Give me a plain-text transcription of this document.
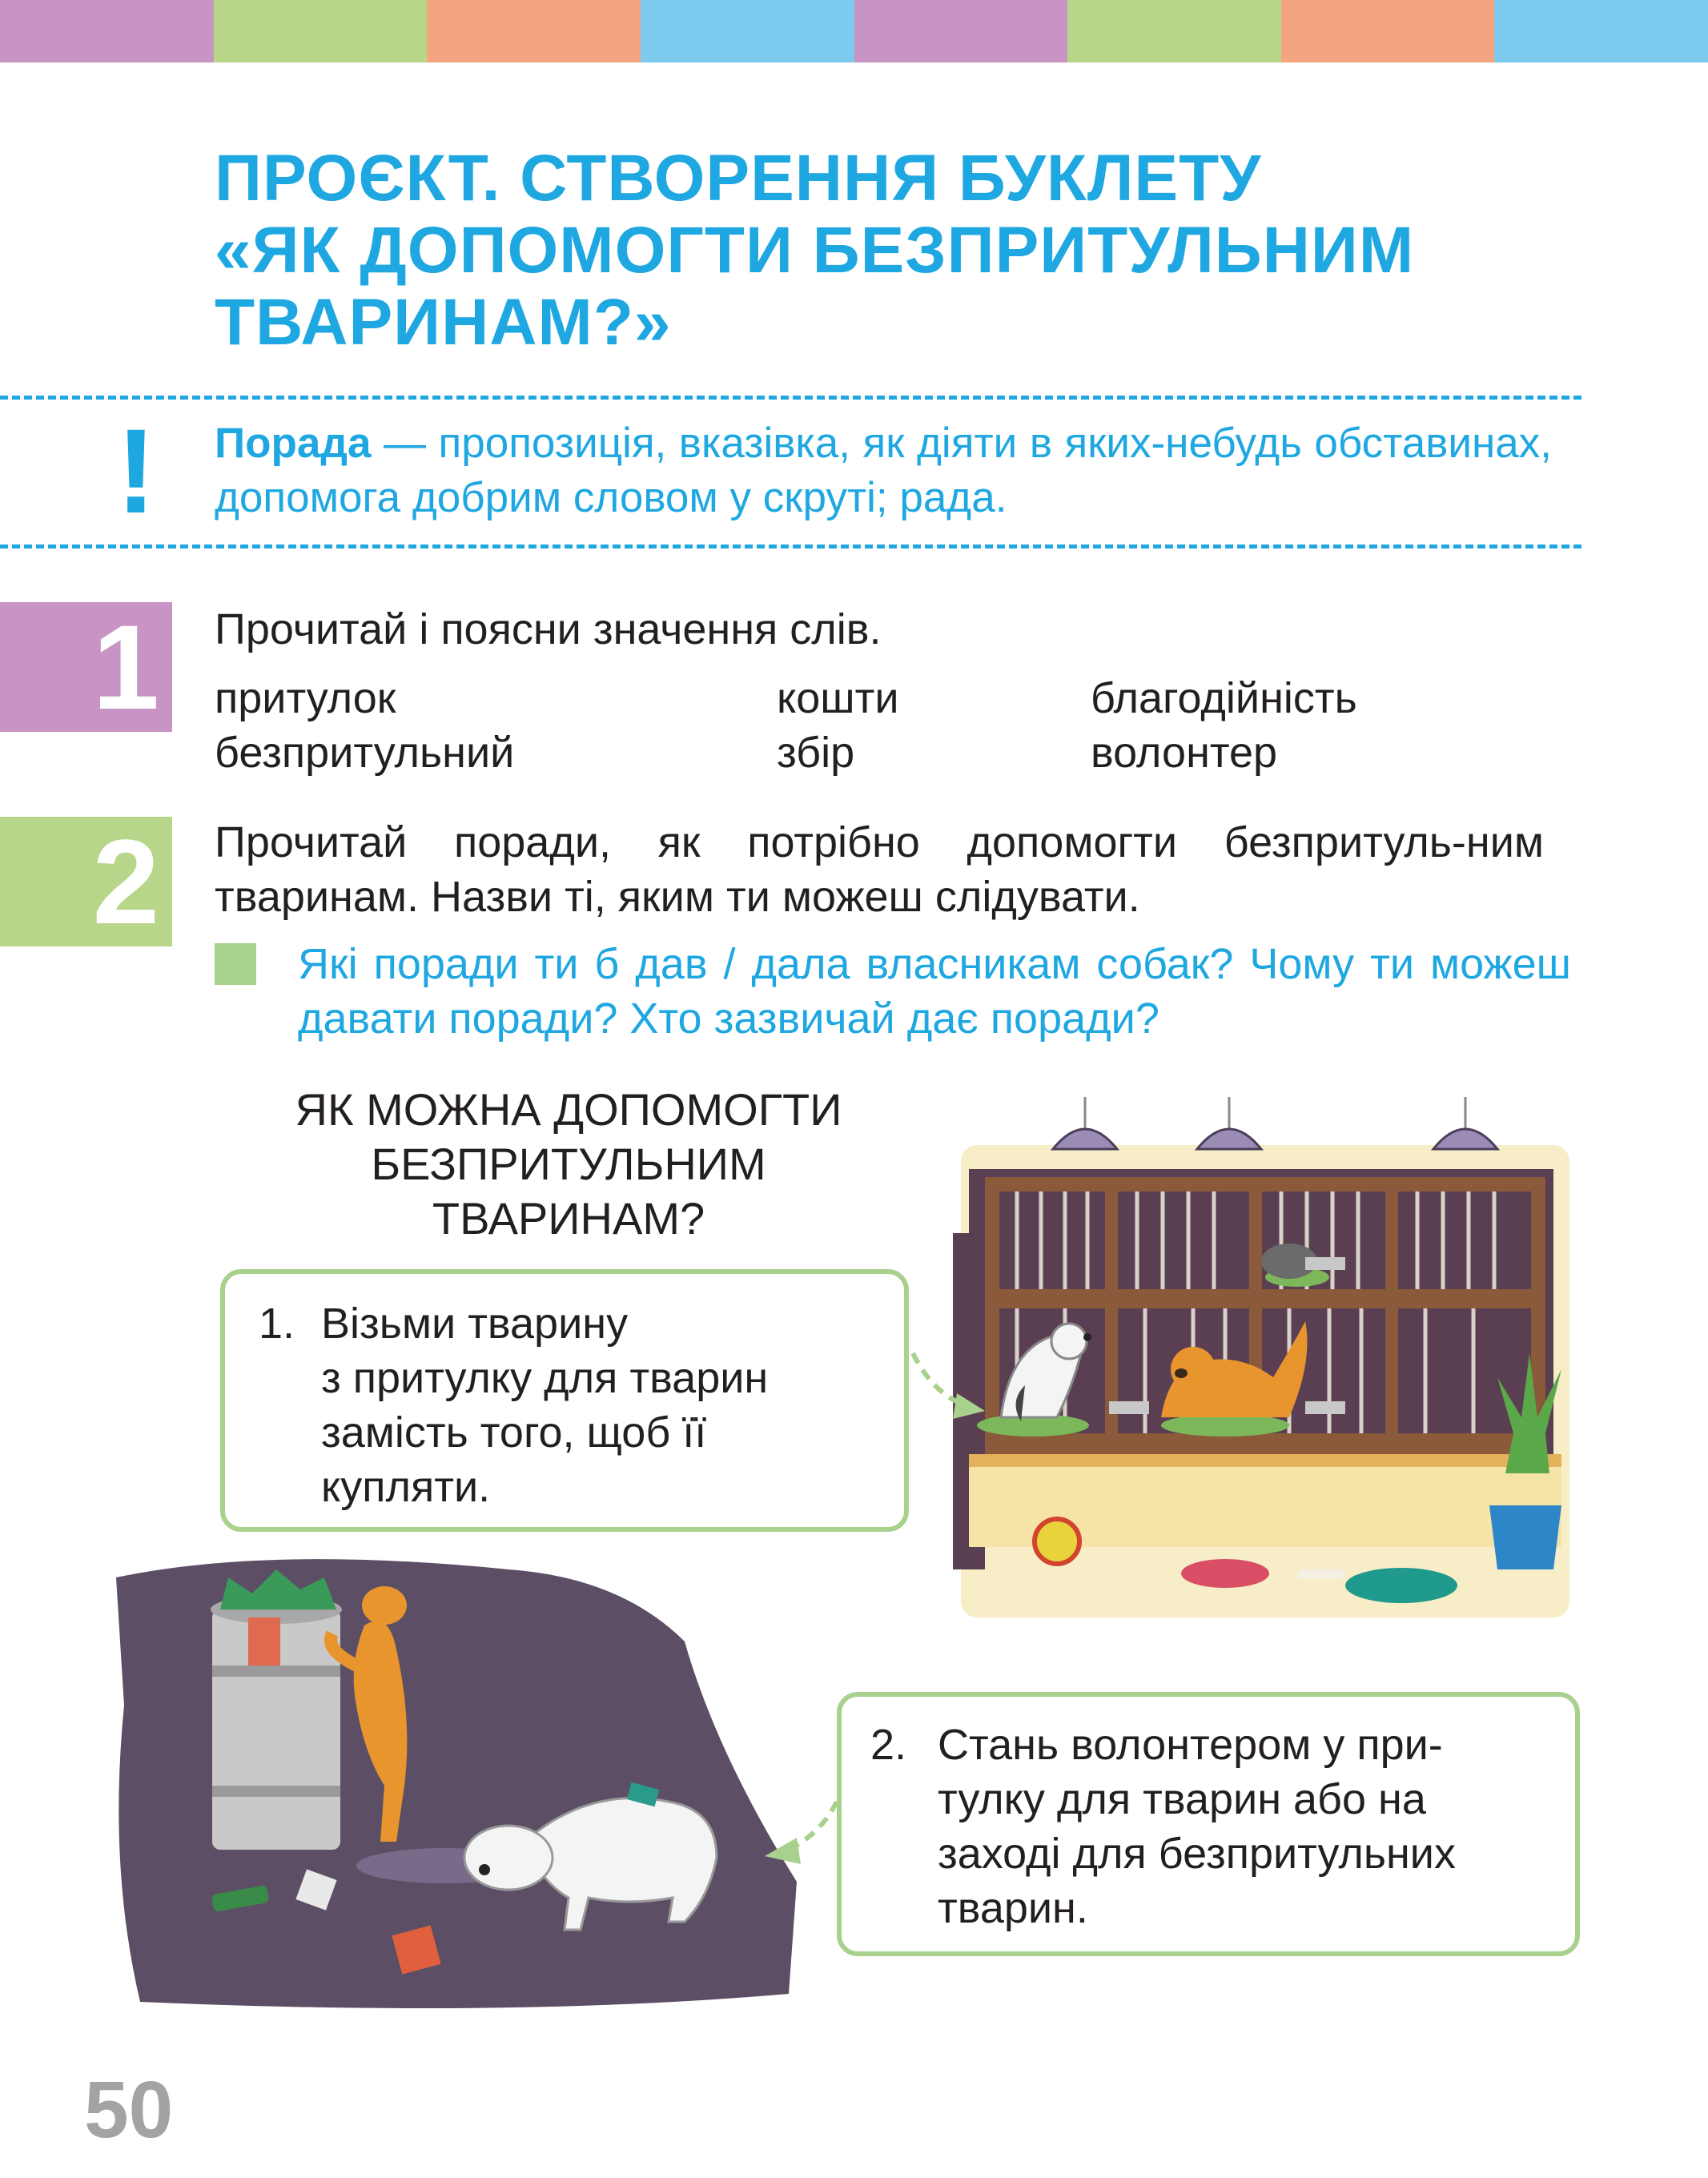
ПРОЄКТ. СТВОРЕННЯ БУКЛЕТУ
«ЯК ДОПОМОГТИ БЕЗПРИТУЛЬНИМ
ТВАРИНАМ?»
! Порада — пропозиція, вказівка, як діяти в яких-небудь обставинах, допомога добрим словом у скруті; рада.
1 Прочитай і поясни значення слів.
притулок
безпритульний
кошти
збір
благодійність
волонтер
2 Прочитай поради, як потрібно допомогти безпритуль-ним тваринам. Назви ті, яким ти можеш слідувати.
Які поради ти б дав / дала власникам собак? Чому ти можеш давати поради? Хто зазвичай дає поради?
ЯК МОЖНА ДОПОМОГТИ
БЕЗПРИТУЛЬНИМ
ТВАРИНАМ?
1. Візьми тварину
з притулку для тварин
замість того, щоб її
купляти.
2. Стань волонтером у при-
тулку для тварин або на
заході для безпритульних
тварин.
50
